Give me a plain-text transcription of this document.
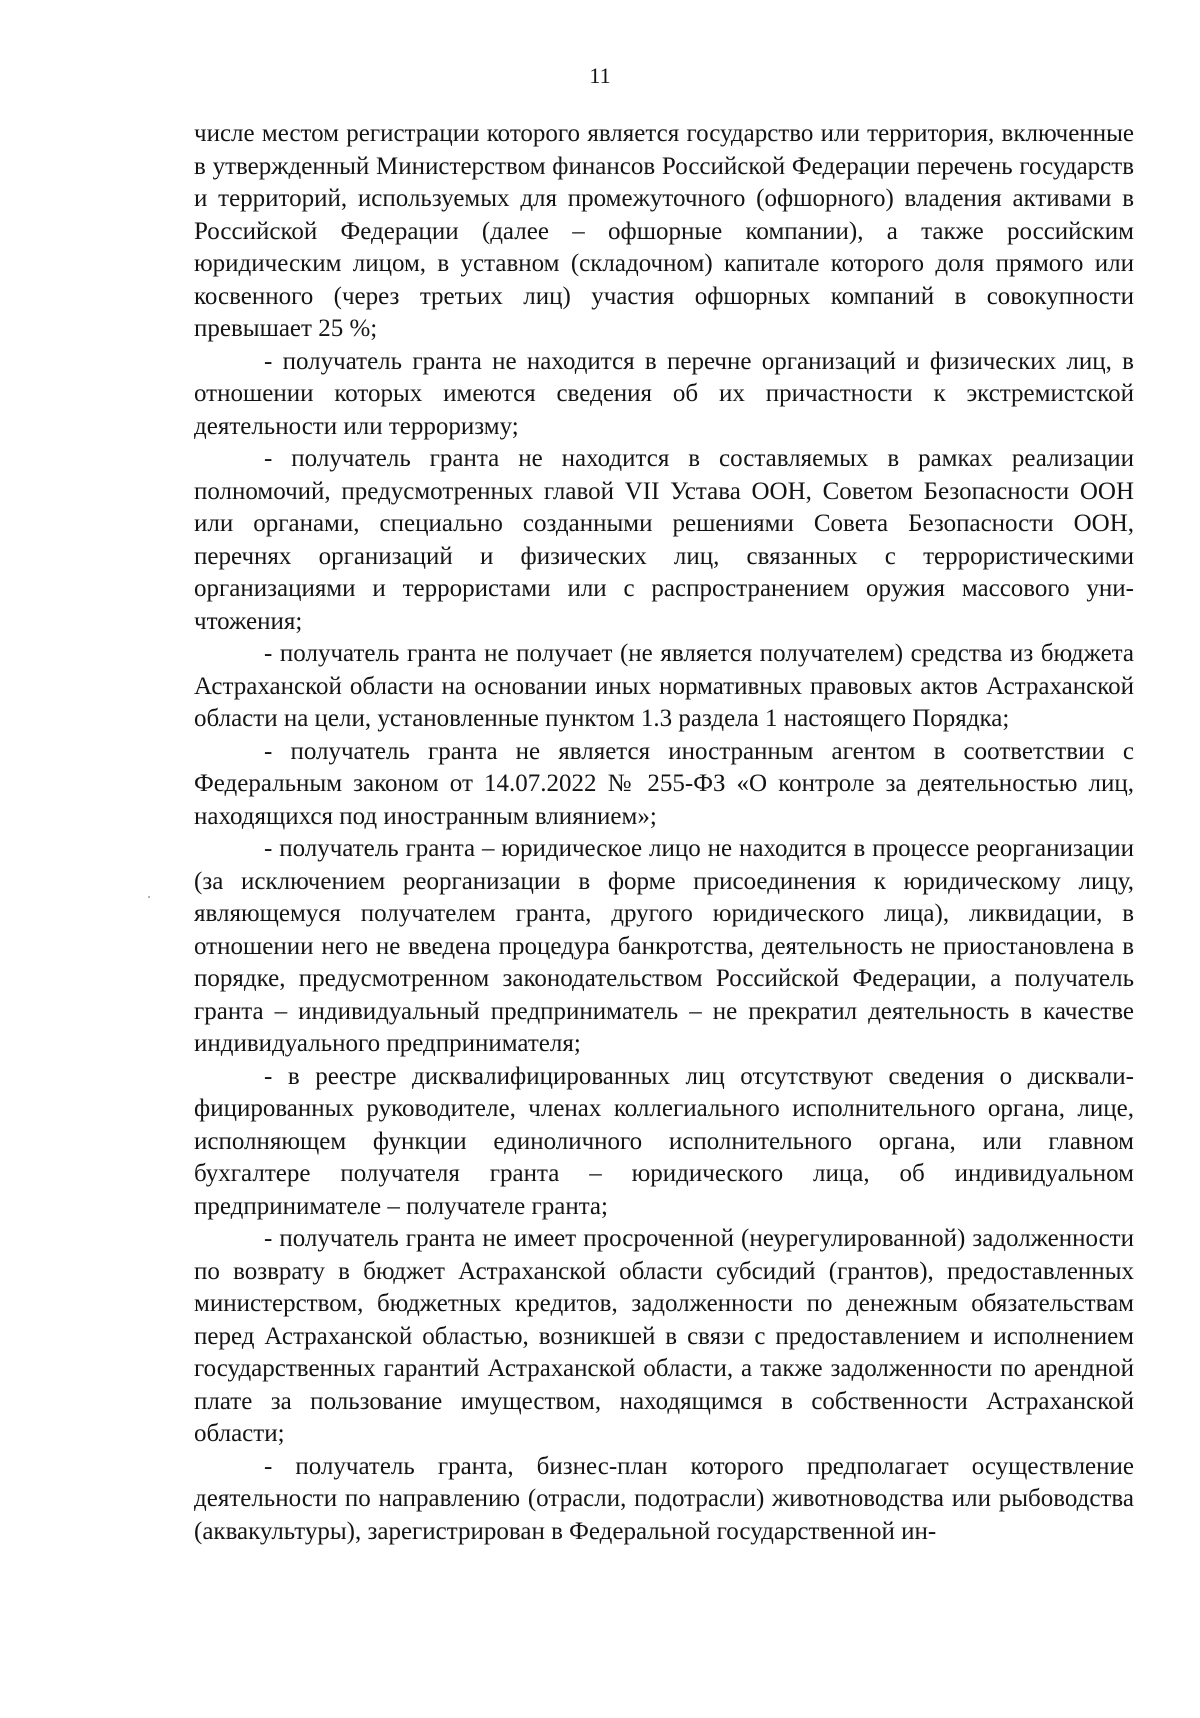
11

числе местом регистрации которого является государство или территория, включенные в утвержденный Министерством финансов Российской Федерации перечень государств и территорий, используемых для промежуточного (офшорного) владения активами в Российской Федерации (далее – офшорные компании), а также российским юридическим лицом, в уставном (складочном) капитале которого доля прямого или косвенного (через третьих лиц) участия офшорных компаний в совокупности превышает 25 %;

- получатель гранта не находится в перечне организаций и физических лиц, в отношении которых имеются сведения об их причастности к экстремистской деятельности или терроризму;

- получатель гранта не находится в составляемых в рамках реализации полномочий, предусмотренных главой VII Устава ООН, Советом Безопасности ООН или органами, специально созданными решениями Совета Безопасности ООН, перечнях организаций и физических лиц, связанных с террористическими организациями и террористами или с распространением оружия массового уничтожения;

- получатель гранта не получает (не является получателем) средства из бюджета Астраханской области на основании иных нормативных правовых актов Астраханской области на цели, установленные пунктом 1.3 раздела 1 настоящего Порядка;

- получатель гранта не является иностранным агентом в соответствии с Федеральным законом от 14.07.2022 № 255-ФЗ «О контроле за деятельностью лиц, находящихся под иностранным влиянием»;

- получатель гранта – юридическое лицо не находится в процессе реорганизации (за исключением реорганизации в форме присоединения к юридическому лицу, являющемуся получателем гранта, другого юридического лица), ликвидации, в отношении него не введена процедура банкротства, деятельность не приостановлена в порядке, предусмотренном законодательством Российской Федерации, а получатель гранта – индивидуальный предприниматель – не прекратил деятельность в качестве индивидуального предпринимателя;

- в реестре дисквалифицированных лиц отсутствуют сведения о дисквалифицированных руководителе, членах коллегиального исполнительного органа, лице, исполняющем функции единоличного исполнительного органа, или главном бухгалтере получателя гранта – юридического лица, об индивидуальном предпринимателе – получателе гранта;

- получатель гранта не имеет просроченной (неурегулированной) задолженности по возврату в бюджет Астраханской области субсидий (грантов), предоставленных министерством, бюджетных кредитов, задолженности по денежным обязательствам перед Астраханской областью, возникшей в связи с предоставлением и исполнением государственных гарантий Астраханской области, а также задолженности по арендной плате за пользование имуществом, находящимся в собственности Астраханской области;

- получатель гранта, бизнес-план которого предполагает осуществление деятельности по направлению (отрасли, подотрасли) животноводства или рыбоводства (аквакультуры), зарегистрирован в Федеральной государственной ин-
